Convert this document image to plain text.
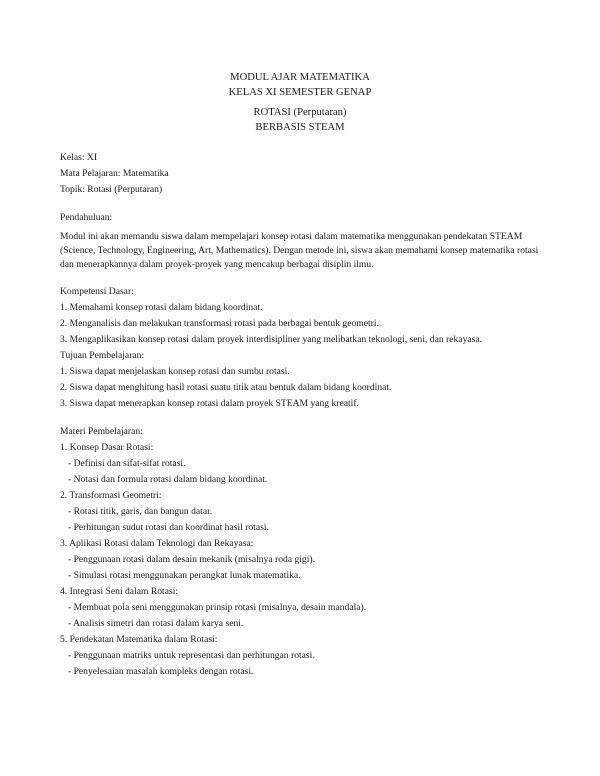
MODUL AJAR MATEMATIKA
KELAS XI SEMESTER GENAP
ROTASI (Perputaran)
BERBASIS STEAM
Kelas: XI
Mata Pelajaran: Matematika
Topik: Rotasi (Perputaran)
Pendahuluan:

Modul ini akan memandu siswa dalam mempelajari konsep rotasi dalam matematika menggunakan pendekatan STEAM (Science, Technology, Engineering, Art, Mathematics). Dengan metode ini, siswa akan memahami konsep matematika rotasi dan menerapkannya dalam proyek-proyek yang mencakup berbagai disiplin ilmu.

Kompetensi Dasar:
1. Memahami konsep rotasi dalam bidang koordinat.
2. Menganalisis dan melakukan transformasi rotasi pada berbagai bentuk geometri.
3. Mengaplikasikan konsep rotasi dalam proyek interdisipliner yang melibatkan teknologi, seni, dan rekayasa.
Tujuan Pembelajaran:
1. Siswa dapat menjelaskan konsep rotasi dan sumbu rotasi.
2. Siswa dapat menghitung hasil rotasi suatu titik atau bentuk dalam bidang koordinat.
3. Siswa dapat menerapkan konsep rotasi dalam proyek STEAM yang kreatif.
Materi Pembelajaran:
1. Konsep Dasar Rotasi:
- Definisi dan sifat-sifat rotasi.
- Notasi dan formula rotasi dalam bidang koordinat.
2. Transformasi Geometri:
- Rotasi titik, garis, dan bangun datar.
- Perhitungan sudut rotasi dan koordinat hasil rotasi.
3. Aplikasi Rotasi dalam Teknologi dan Rekayasa:
- Penggunaan rotasi dalam desain mekanik (misalnya roda gigi).
- Simulasi rotasi menggunakan perangkat lunak matematika.
4. Integrasi Seni dalam Rotasi:
- Membuat pola seni menggunakan prinsip rotasi (misalnya, desain mandala).
- Analisis simetri dan rotasi dalam karya seni.
5. Pendekatan Matematika dalam Rotasi:
- Penggunaan matriks untuk representasi dan perhitungan rotasi.
- Penyelesaian masalah kompleks dengan rotasi.
